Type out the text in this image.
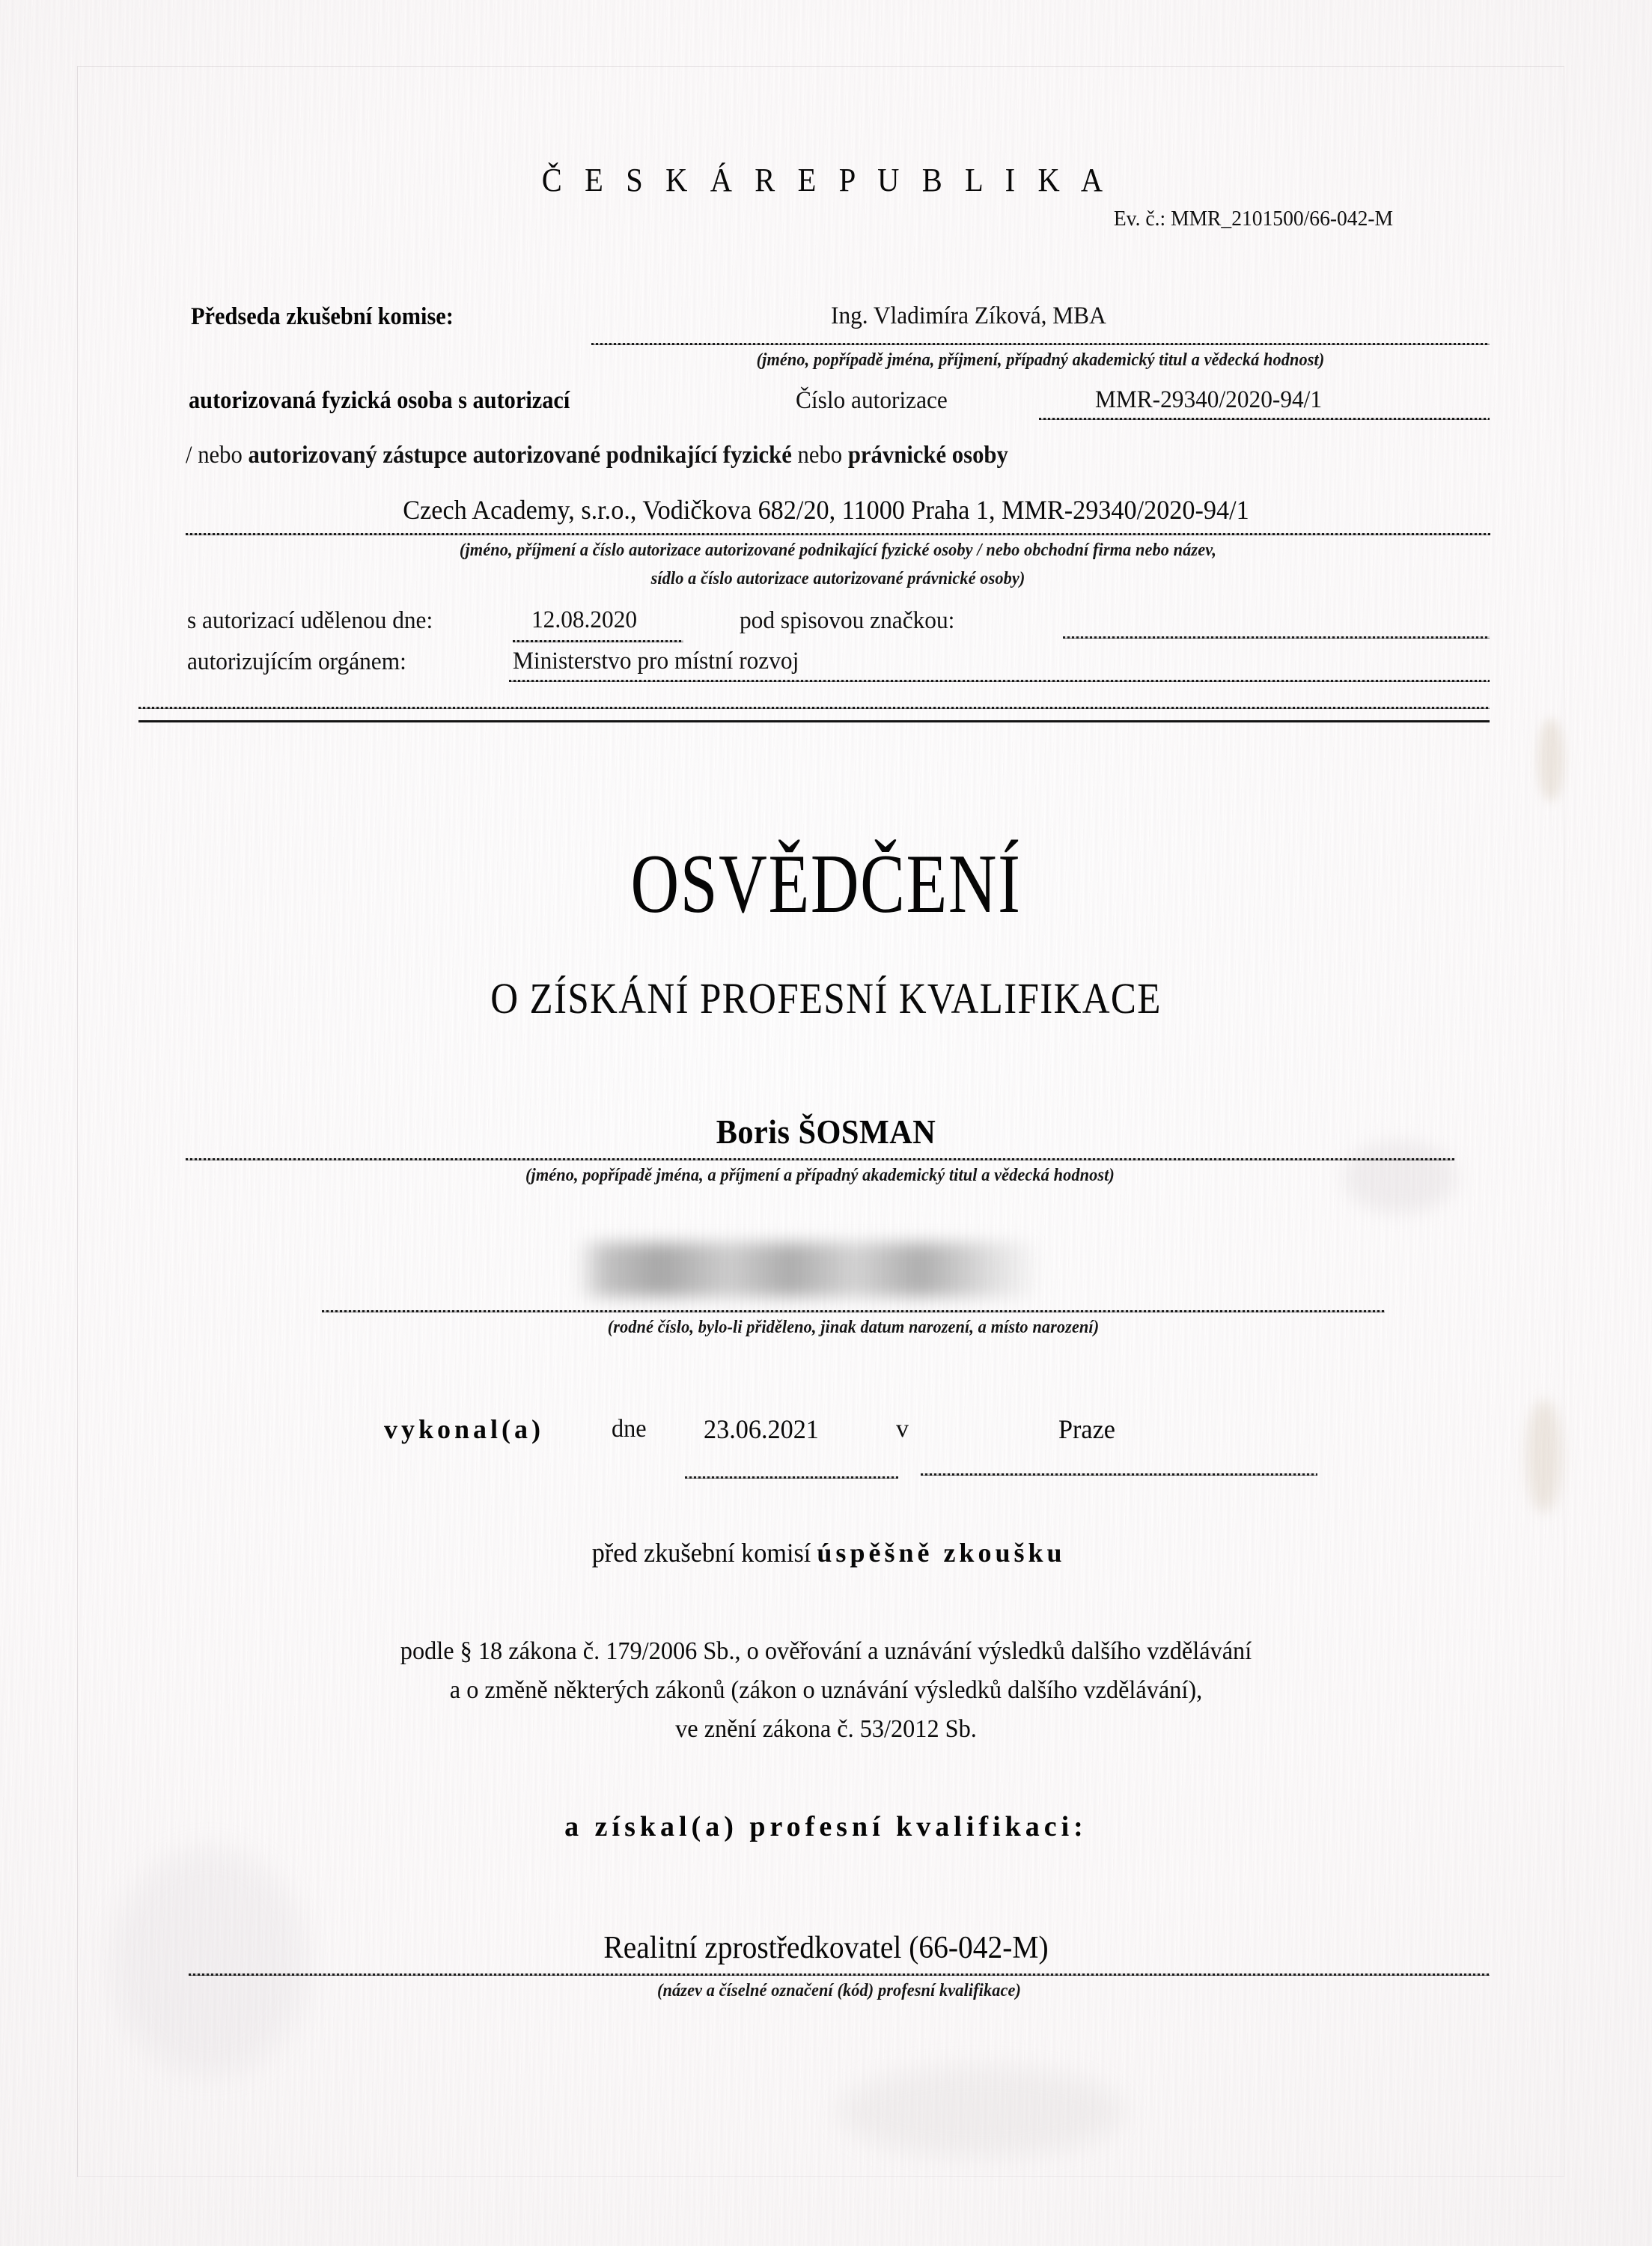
Č E S K Á R E P U B L I K A
Ev. č.: MMR_2101500/66-042-M
Předseda zkušební komise:	Ing. Vladimíra Zíková, MBA
(jméno, popřípadě jména, příjmení, případný akademický titul a vědecká hodnost)
autorizovaná fyzická osoba s autorizací	Číslo autorizace	MMR-29340/2020-94/1
/ nebo autorizovaný zástupce autorizované podnikající fyzické nebo právnické osoby
Czech Academy, s.r.o., Vodičkova 682/20, 11000 Praha 1, MMR-29340/2020-94/1
(jméno, příjmení a číslo autorizace autorizované podnikající fyzické osoby / nebo obchodní firma nebo název,
sídlo a číslo autorizace autorizované právnické osoby)
s autorizací udělenou dne:	12.08.2020	pod spisovou značkou:
autorizujícím orgánem:	Ministerstvo pro místní rozvoj
OSVĚDČENÍ
O ZÍSKÁNÍ PROFESNÍ KVALIFIKACE
Boris ŠOSMAN
(jméno, popřípadě jména, a příjmení a případný akademický titul a vědecká hodnost)
(rodné číslo, bylo-li přiděleno, jinak datum narození, a místo narození)
vykonal(a)	dne 23.06.2021	v	Praze
před zkušební komisíúspěšně zkoušku
podle § 18 zákona č. 179/2006 Sb., o ověřování a uznávání výsledků dalšího vzdělávání
a o změně některých zákonů (zákon o uznávání výsledků dalšího vzdělávání),
ve znění zákona č. 53/2012 Sb.
a získal(a) profesní kvalifikaci:
Realitní zprostředkovatel (66-042-M)
(název a číselné označení (kód) profesní kvalifikace)
